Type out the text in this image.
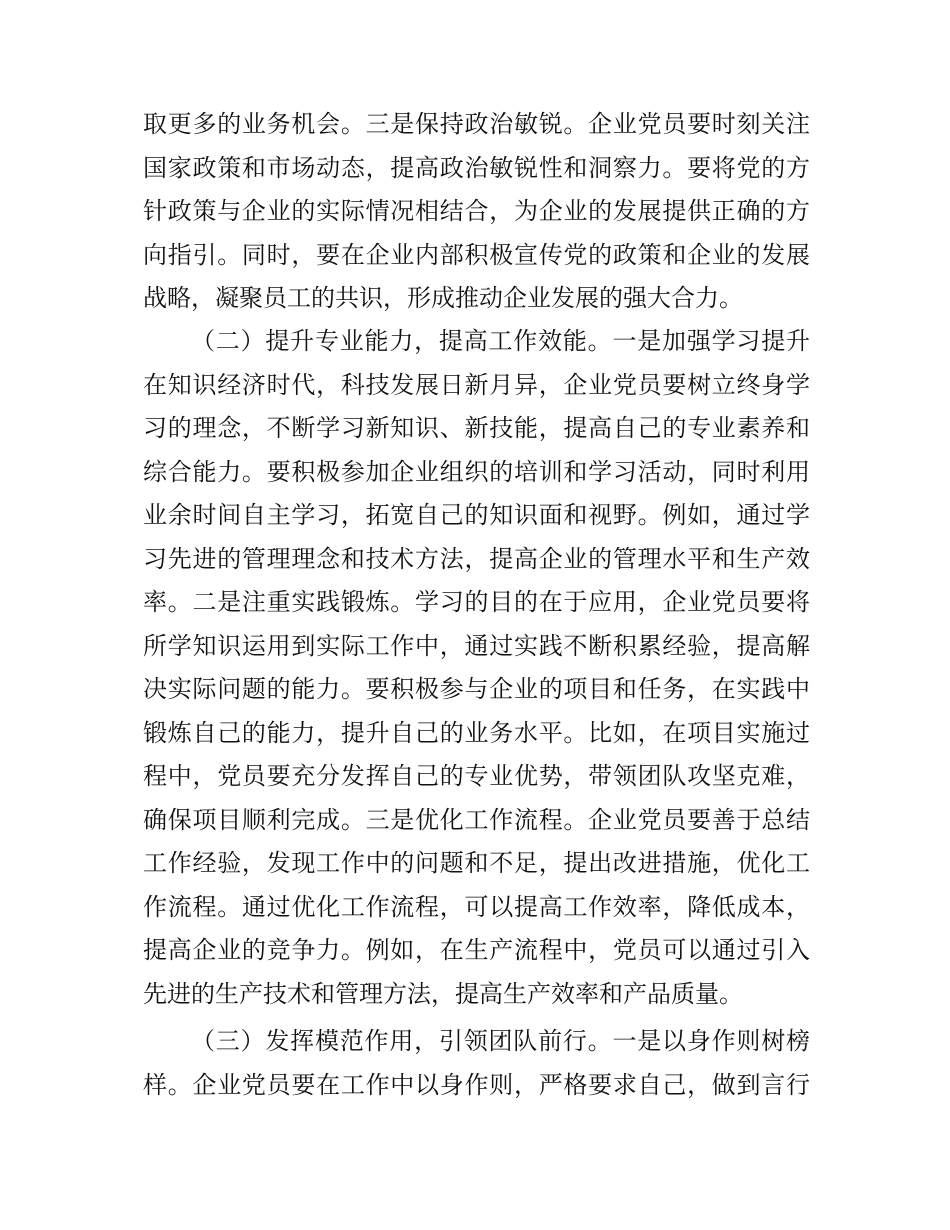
取更多的业务机会。三是保持政治敏锐。企业党员要时刻关注
国家政策和市场动态，提高政治敏锐性和洞察力。要将党的方
针政策与企业的实际情况相结合，为企业的发展提供正确的方
向指引。同时，要在企业内部积极宣传党的政策和企业的发展
战略，凝聚员工的共识，形成推动企业发展的强大合力。
（二）提升专业能力，提高工作效能。一是加强学习提升
在知识经济时代，科技发展日新月异，企业党员要树立终身学
习的理念，不断学习新知识、新技能，提高自己的专业素养和
综合能力。要积极参加企业组织的培训和学习活动，同时利用
业余时间自主学习，拓宽自己的知识面和视野。例如，通过学
习先进的管理理念和技术方法，提高企业的管理水平和生产效
率。二是注重实践锻炼。学习的目的在于应用，企业党员要将
所学知识运用到实际工作中，通过实践不断积累经验，提高解
决实际问题的能力。要积极参与企业的项目和任务，在实践中
锻炼自己的能力，提升自己的业务水平。比如，在项目实施过
程中，党员要充分发挥自己的专业优势，带领团队攻坚克难，
确保项目顺利完成。三是优化工作流程。企业党员要善于总结
工作经验，发现工作中的问题和不足，提出改进措施，优化工
作流程。通过优化工作流程，可以提高工作效率，降低成本，
提高企业的竞争力。例如，在生产流程中，党员可以通过引入
先进的生产技术和管理方法，提高生产效率和产品质量。
（三）发挥模范作用，引领团队前行。一是以身作则树榜
样。企业党员要在工作中以身作则，严格要求自己，做到言行
